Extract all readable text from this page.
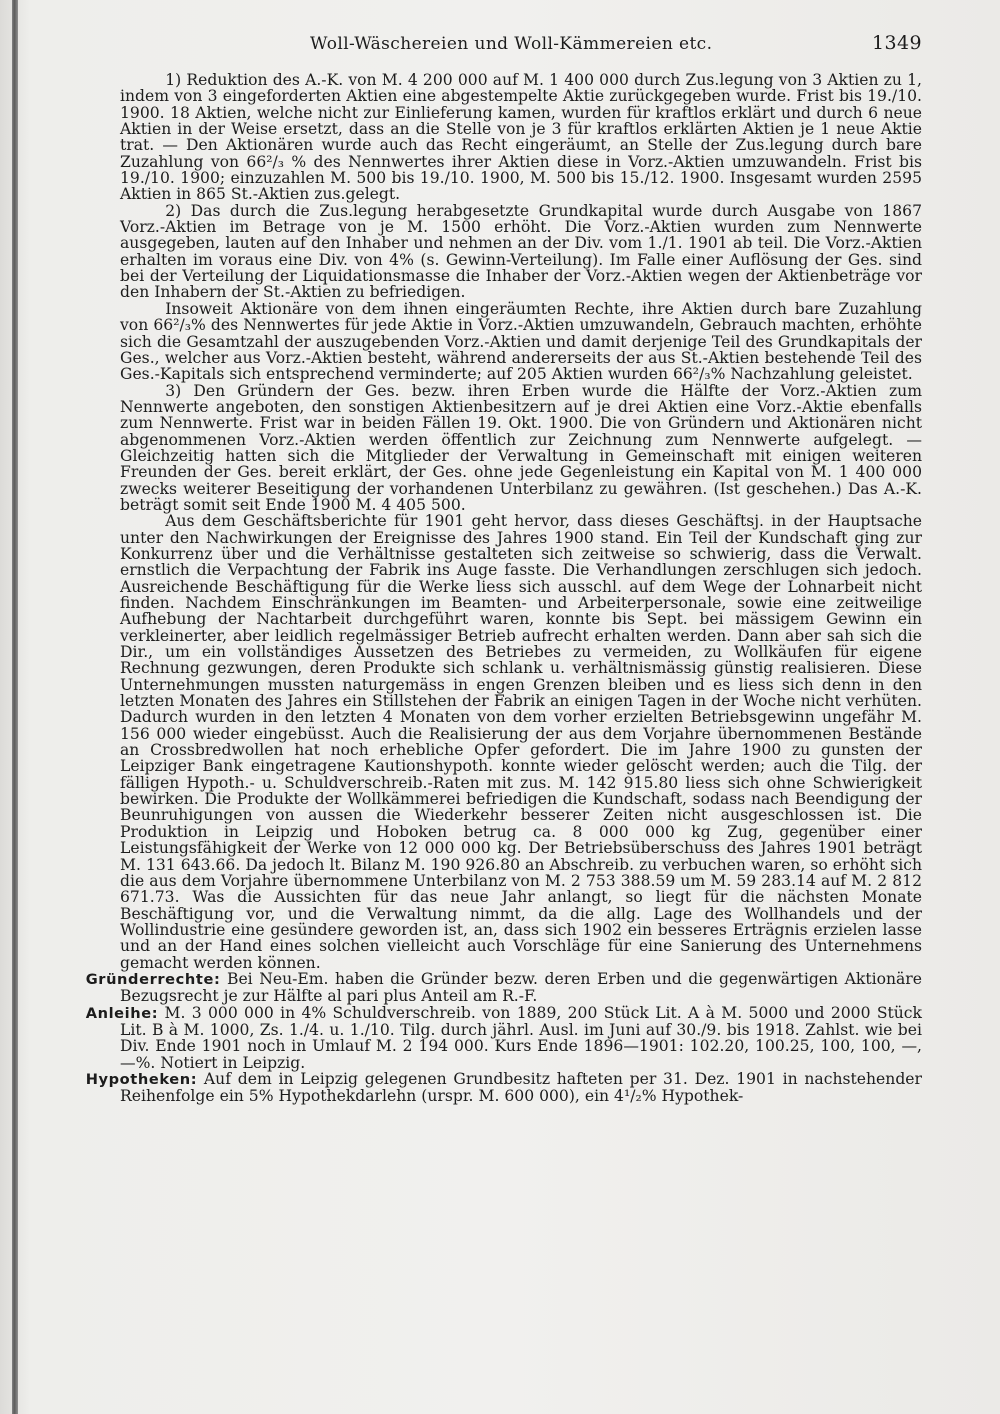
Woll-Wäschereien und Woll-Kämmereien etc.	1349

1) Reduktion des A.-K. von M. 4 200 000 auf M. 1 400 000 durch Zus.legung von 3 Aktien zu 1, indem von 3 eingeforderten Aktien eine abgestempelte Aktie zurückgegeben wurde. Frist bis 19./10. 1900. 18 Aktien, welche nicht zur Einlieferung kamen, wurden für kraftlos erklärt und durch 6 neue Aktien in der Weise ersetzt, dass an die Stelle von je 3 für kraftlos erklärten Aktien je 1 neue Aktie trat. — Den Aktionären wurde auch das Recht eingeräumt, an Stelle der Zus.legung durch bare Zuzahlung von 66²/₃ % des Nennwertes ihrer Aktien diese in Vorz.-Aktien umzuwandeln. Frist bis 19./10. 1900; einzuzahlen M. 500 bis 19./10. 1900, M. 500 bis 15./12. 1900. Insgesamt wurden 2595 Aktien in 865 St.-Aktien zus.gelegt.

2) Das durch die Zus.legung herabgesetzte Grundkapital wurde durch Ausgabe von 1867 Vorz.-Aktien im Betrage von je M. 1500 erhöht. Die Vorz.-Aktien wurden zum Nennwerte ausgegeben, lauten auf den Inhaber und nehmen an der Div. vom 1./1. 1901 ab teil. Die Vorz.-Aktien erhalten im voraus eine Div. von 4% (s. Gewinn-Verteilung). Im Falle einer Auflösung der Ges. sind bei der Verteilung der Liquidationsmasse die Inhaber der Vorz.-Aktien wegen der Aktienbeträge vor den Inhabern der St.-Aktien zu befriedigen.

Insoweit Aktionäre von dem ihnen eingeräumten Rechte, ihre Aktien durch bare Zuzahlung von 66²/₃% des Nennwertes für jede Aktie in Vorz.-Aktien umzuwandeln, Gebrauch machten, erhöhte sich die Gesamtzahl der auszugebenden Vorz.-Aktien und damit derjenige Teil des Grundkapitals der Ges., welcher aus Vorz.-Aktien besteht, während andererseits der aus St.-Aktien bestehende Teil des Ges.-Kapitals sich entsprechend verminderte; auf 205 Aktien wurden 66²/₃% Nachzahlung geleistet.

3) Den Gründern der Ges. bezw. ihren Erben wurde die Hälfte der Vorz.-Aktien zum Nennwerte angeboten, den sonstigen Aktienbesitzern auf je drei Aktien eine Vorz.-Aktie ebenfalls zum Nennwerte. Frist war in beiden Fällen 19. Okt. 1900. Die von Gründern und Aktionären nicht abgenommenen Vorz.-Aktien werden öffentlich zur Zeichnung zum Nennwerte aufgelegt. — Gleichzeitig hatten sich die Mitglieder der Verwaltung in Gemeinschaft mit einigen weiteren Freunden der Ges. bereit erklärt, der Ges. ohne jede Gegenleistung ein Kapital von M. 1 400 000 zwecks weiterer Beseitigung der vorhandenen Unterbilanz zu gewähren. (Ist geschehen.) Das A.-K. beträgt somit seit Ende 1900 M. 4 405 500.

Aus dem Geschäftsberichte für 1901 geht hervor, dass dieses Geschäftsj. in der Hauptsache unter den Nachwirkungen der Ereignisse des Jahres 1900 stand. Ein Teil der Kundschaft ging zur Konkurrenz über und die Verhältnisse gestalteten sich zeitweise so schwierig, dass die Verwalt. ernstlich die Verpachtung der Fabrik ins Auge fasste. Die Verhandlungen zerschlugen sich jedoch. Ausreichende Beschäftigung für die Werke liess sich ausschl. auf dem Wege der Lohnarbeit nicht finden. Nachdem Einschränkungen im Beamten- und Arbeiterpersonale, sowie eine zeitweilige Aufhebung der Nachtarbeit durchgeführt waren, konnte bis Sept. bei mässigem Gewinn ein verkleinerter, aber leidlich regelmässiger Betrieb aufrecht erhalten werden. Dann aber sah sich die Dir., um ein vollständiges Aussetzen des Betriebes zu vermeiden, zu Wollkäufen für eigene Rechnung gezwungen, deren Produkte sich schlank u. verhältnismässig günstig realisieren. Diese Unternehmungen mussten naturgemäss in engen Grenzen bleiben und es liess sich denn in den letzten Monaten des Jahres ein Stillstehen der Fabrik an einigen Tagen in der Woche nicht verhüten. Dadurch wurden in den letzten 4 Monaten von dem vorher erzielten Betriebsgewinn ungefähr M. 156 000 wieder eingebüsst. Auch die Realisierung der aus dem Vorjahre übernommenen Bestände an Crossbredwollen hat noch erhebliche Opfer gefordert. Die im Jahre 1900 zu gunsten der Leipziger Bank eingetragene Kautionshypoth. konnte wieder gelöscht werden; auch die Tilg. der fälligen Hypoth.- u. Schuldverschreib.-Raten mit zus. M. 142 915.80 liess sich ohne Schwierigkeit bewirken. Die Produkte der Wollkämmerei befriedigen die Kundschaft, sodass nach Beendigung der Beunruhigungen von aussen die Wiederkehr besserer Zeiten nicht ausgeschlossen ist. Die Produktion in Leipzig und Hoboken betrug ca. 8 000 000 kg Zug, gegenüber einer Leistungsfähigkeit der Werke von 12 000 000 kg. Der Betriebsüberschuss des Jahres 1901 beträgt M. 131 643.66. Da jedoch lt. Bilanz M. 190 926.80 an Abschreib. zu verbuchen waren, so erhöht sich die aus dem Vorjahre übernommene Unterbilanz von M. 2 753 388.59 um M. 59 283.14 auf M. 2 812 671.73. Was die Aussichten für das neue Jahr anlangt, so liegt für die nächsten Monate Beschäftigung vor, und die Verwaltung nimmt, da die allg. Lage des Wollhandels und der Wollindustrie eine gesündere geworden ist, an, dass sich 1902 ein besseres Erträgnis erzielen lasse und an der Hand eines solchen vielleicht auch Vorschläge für eine Sanierung des Unternehmens gemacht werden können.

Gründerrechte: Bei Neu-Em. haben die Gründer bezw. deren Erben und die gegenwärtigen Aktionäre Bezugsrecht je zur Hälfte al pari plus Anteil am R.-F.

Anleihe: M. 3 000 000 in 4% Schuldverschreib. von 1889, 200 Stück Lit. A à M. 5000 und 2000 Stück Lit. B à M. 1000, Zs. 1./4. u. 1./10. Tilg. durch jährl. Ausl. im Juni auf 30./9. bis 1918. Zahlst. wie bei Div. Ende 1901 noch in Umlauf M. 2 194 000. Kurs Ende 1896—1901: 102.20, 100.25, 100, 100, —, —%. Notiert in Leipzig.

Hypotheken: Auf dem in Leipzig gelegenen Grundbesitz hafteten per 31. Dez. 1901 in nachstehender Reihenfolge ein 5% Hypothekdarlehn (urspr. M. 600 000), ein 4¹/₂% Hypothek-
